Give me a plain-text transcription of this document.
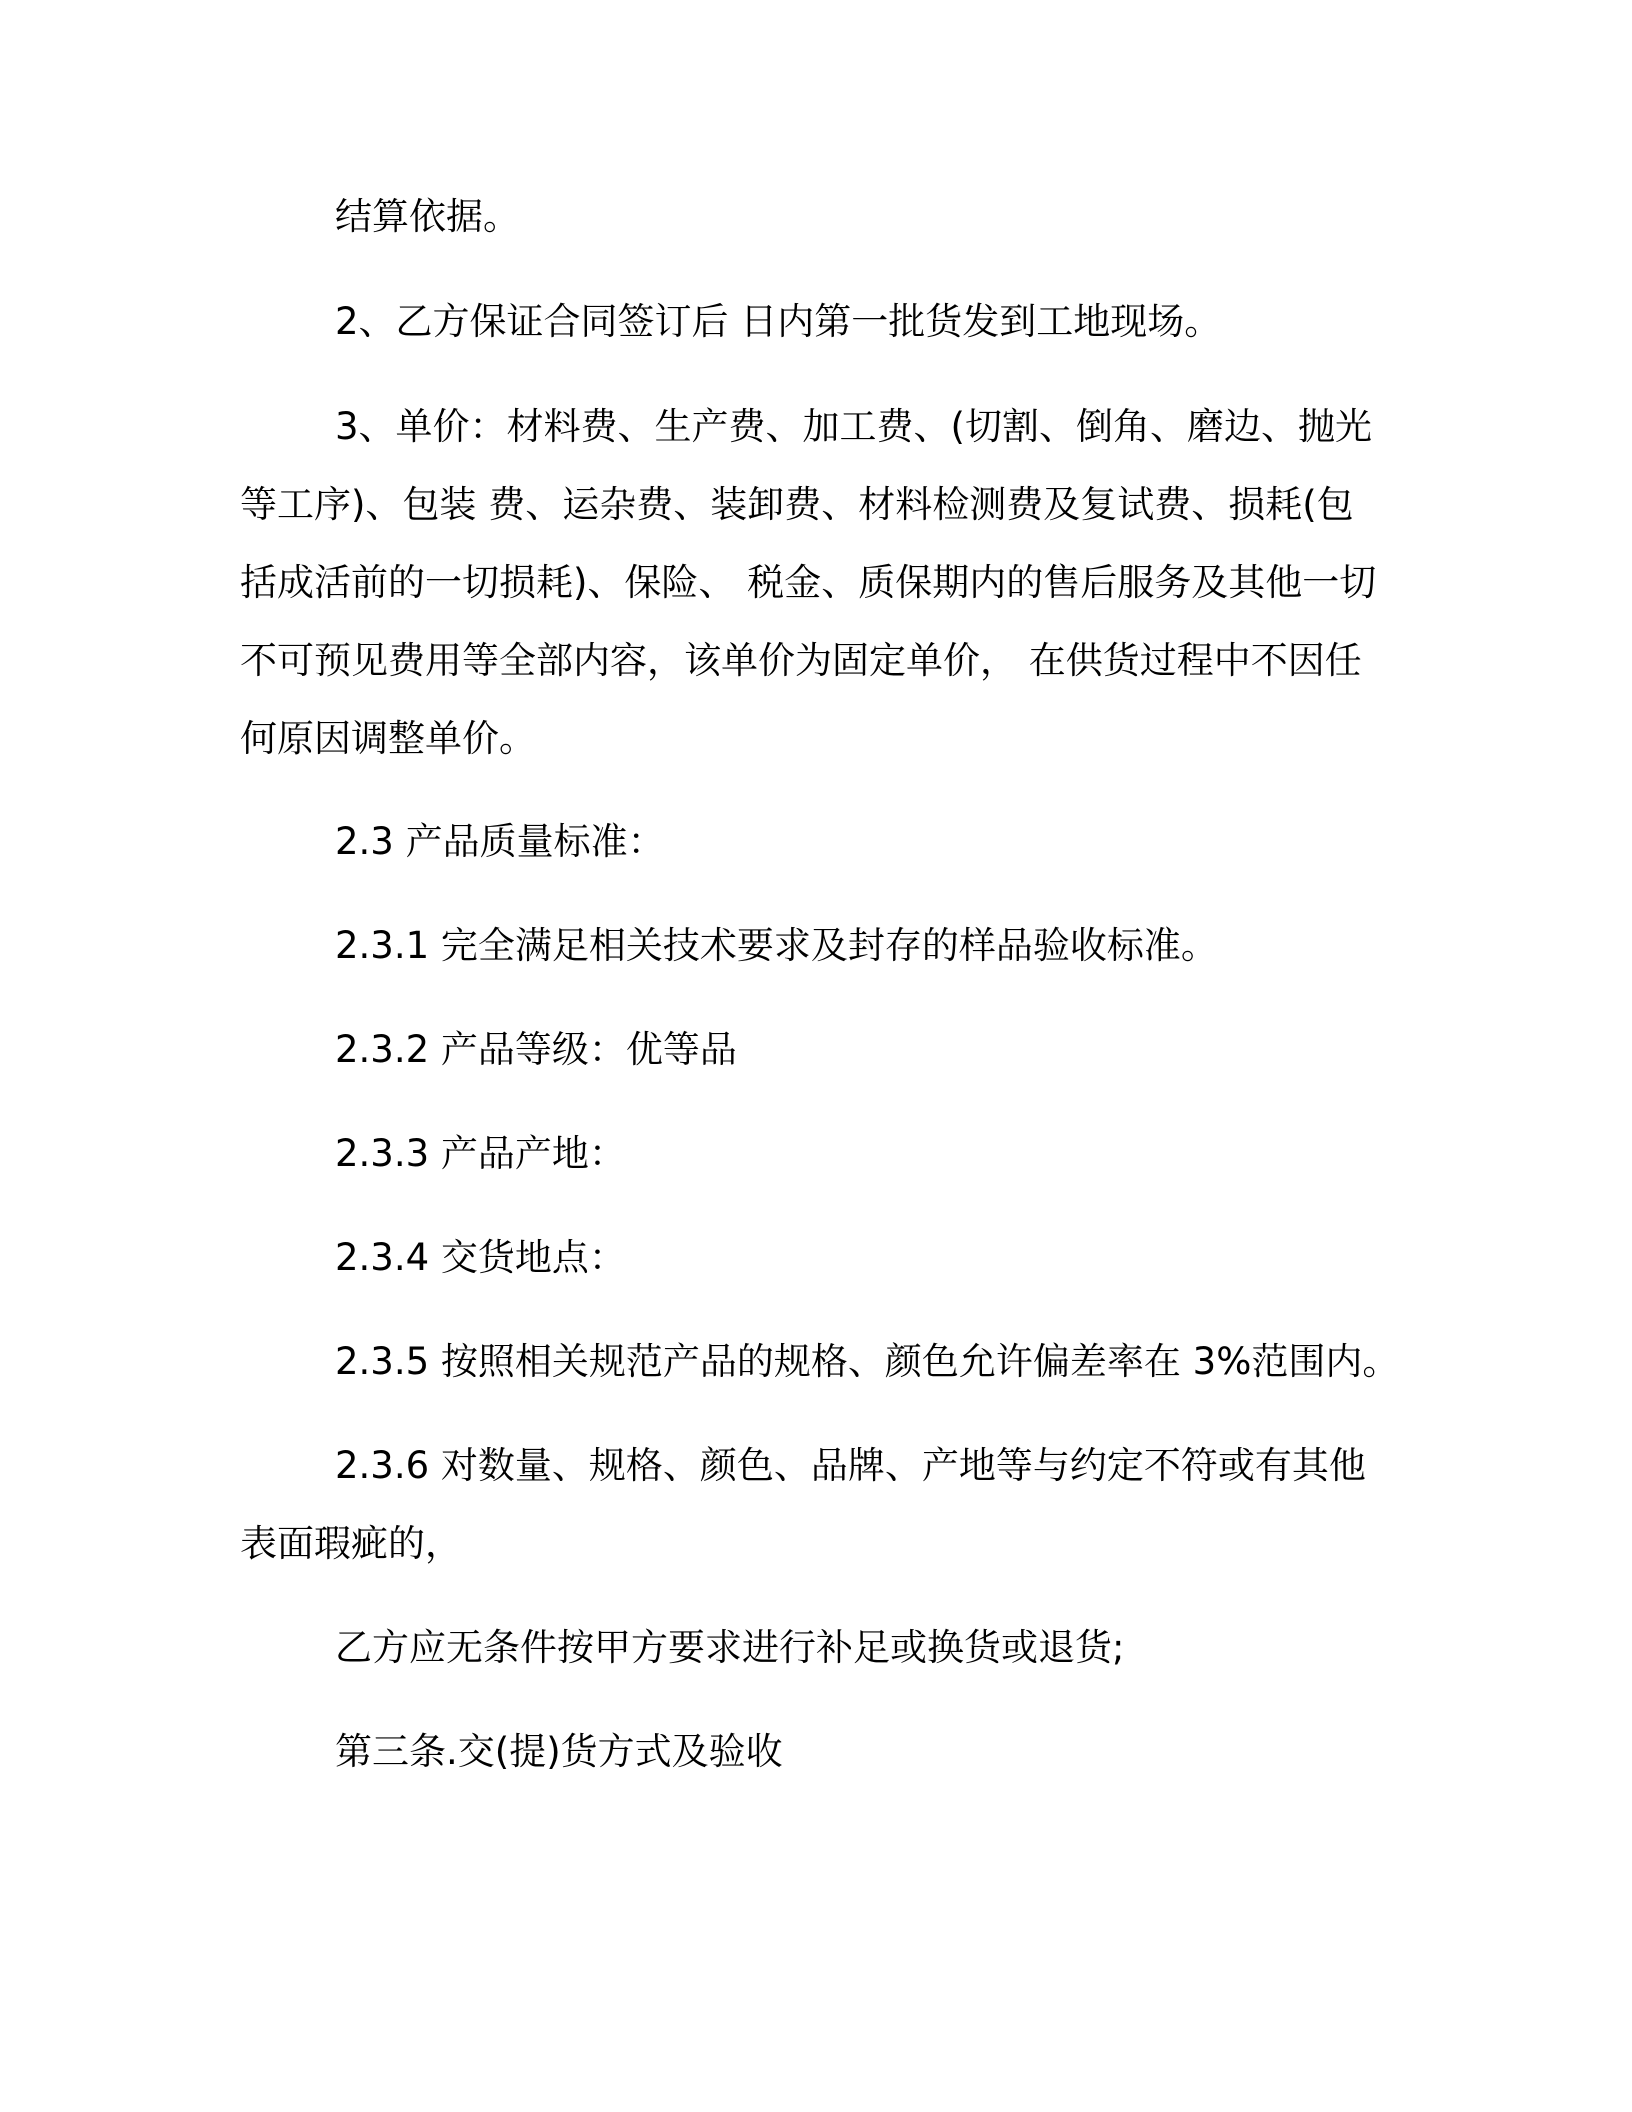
结算依据。
2、乙方保证合同签订后 日内第一批货发到工地现场。
3、单价：材料费、生产费、加工费、(切割、倒角、磨边、抛光
等工序)、包装 费、运杂费、装卸费、材料检测费及复试费、损耗(包
括成活前的一切损耗)、保险、 税金、质保期内的售后服务及其他一切
不可预见费用等全部内容，该单价为固定单价， 在供货过程中不因任
何原因调整单价。
2.3 产品质量标准：
2.3.1 完全满足相关技术要求及封存的样品验收标准。
2.3.2 产品等级：优等品
2.3.3 产品产地：
2.3.4 交货地点：
2.3.5 按照相关规范产品的规格、颜色允许偏差率在 3%范围内。
2.3.6 对数量、规格、颜色、品牌、产地等与约定不符或有其他
表面瑕疵的，
乙方应无条件按甲方要求进行补足或换货或退货;
第三条.交(提)货方式及验收
